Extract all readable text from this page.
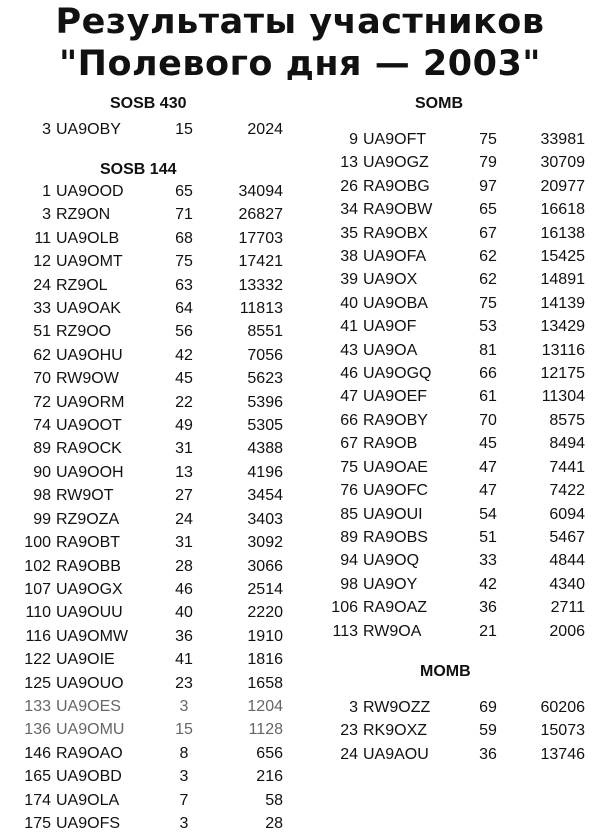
Результаты участников
"Полевого дня — 2003"
SOSB 430
3	UA9OBY	15	2024
SOSB 144
1	UA9OOD	65	34094
3	RZ9ON	71	26827
11	UA9OLB	68	17703
12	UA9OMT	75	17421
24	RZ9OL	63	13332
33	UA9OAK	64	11813
51	RZ9OO	56	8551
62	UA9OHU	42	7056
70	RW9OW	45	5623
72	UA9ORM	22	5396
74	UA9OOT	49	5305
89	RA9OCK	31	4388
90	UA9OOH	13	4196
98	RW9OT	27	3454
99	RZ9OZA	24	3403
100	RA9OBT	31	3092
102	RA9OBB	28	3066
107	UA9OGX	46	2514
110	UA9OUU	40	2220
116	UA9OMW	36	1910
122	UA9OIE	41	1816
125	UA9OUO	23	1658
133	UA9OES	3	1204
136	UA9OMU	15	1128
146	RA9OAO	8	656
165	UA9OBD	3	216
174	UA9OLA	7	58
175	UA9OFS	3	28
SOMB
9	UA9OFT	75	33981
13	UA9OGZ	79	30709
26	RA9OBG	97	20977
34	RA9OBW	65	16618
35	RA9OBX	67	16138
38	UA9OFA	62	15425
39	UA9OX	62	14891
40	UA9OBA	75	14139
41	UA9OF	53	13429
43	UA9OA	81	13116
46	UA9OGQ	66	12175
47	UA9OEF	61	11304
66	RA9OBY	70	8575
67	RA9OB	45	8494
75	UA9OAE	47	7441
76	UA9OFC	47	7422
85	UA9OUI	54	6094
89	RA9OBS	51	5467
94	UA9OQ	33	4844
98	UA9OY	42	4340
106	RA9OAZ	36	2711
113	RW9OA	21	2006
MOMB
3	RW9OZZ	69	60206
23	RK9OXZ	59	15073
24	UA9AOU	36	13746
